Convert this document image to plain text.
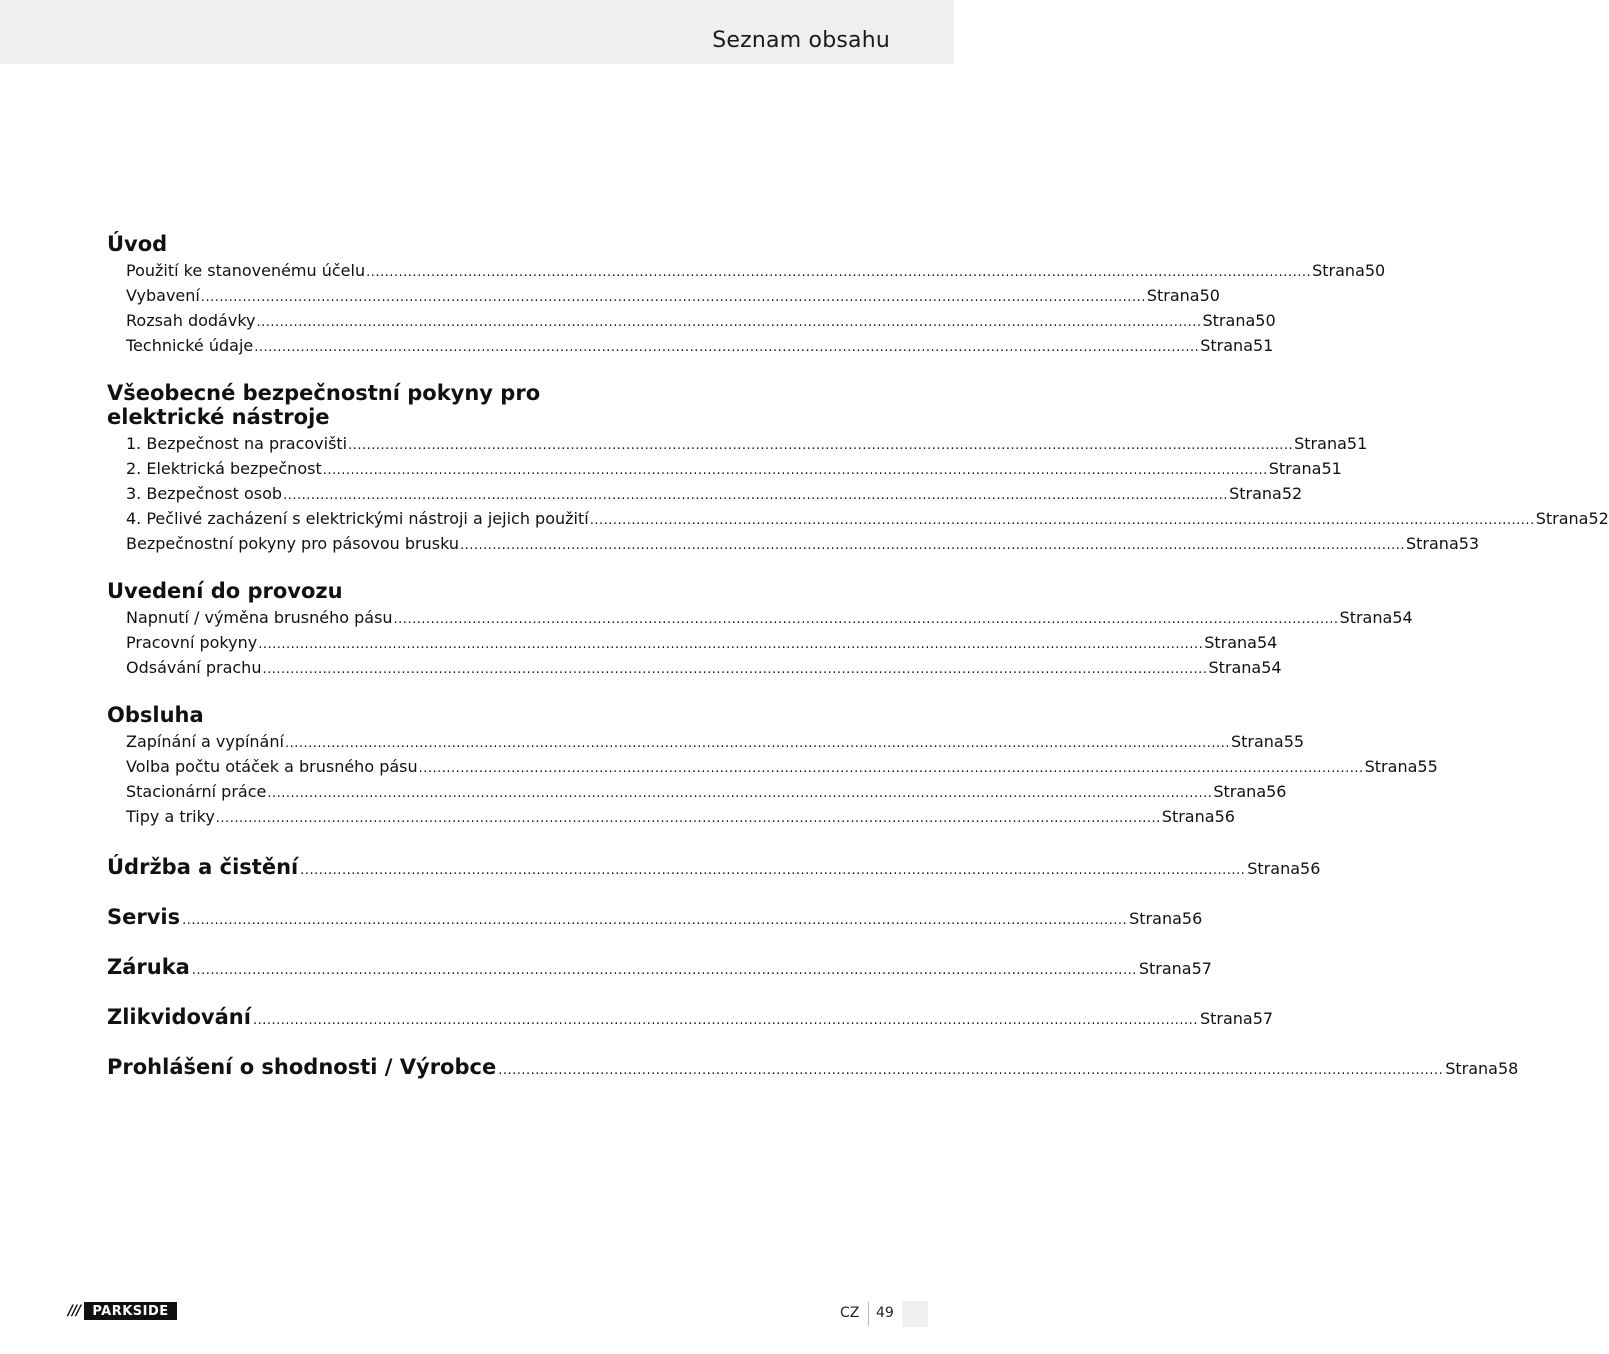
Seznam obsahu
Úvod
Použití ke stanovenému účelu ............................................................................................................................................................................................................ Strana 50
Vybavení ............................................................................................................................................................................................................ Strana 50
Rozsah dodávky ............................................................................................................................................................................................................ Strana 50
Technické údaje ............................................................................................................................................................................................................ Strana 51
Všeobecné bezpečnostní pokyny pro
elektrické nástroje
1. Bezpečnost na pracovišti ............................................................................................................................................................................................................ Strana 51
2. Elektrická bezpečnost ............................................................................................................................................................................................................ Strana 51
3. Bezpečnost osob ............................................................................................................................................................................................................ Strana 52
4. Pečlivé zacházení s elektrickými nástroji a jejich použití ............................................................................................................................................................................................................ Strana 52
Bezpečnostní pokyny pro pásovou brusku ............................................................................................................................................................................................................ Strana 53
Uvedení do provozu
Napnutí / výměna brusného pásu ............................................................................................................................................................................................................ Strana 54
Pracovní pokyny ............................................................................................................................................................................................................ Strana 54
Odsávání prachu ............................................................................................................................................................................................................ Strana 54
Obsluha
Zapínání a vypínání ............................................................................................................................................................................................................ Strana 55
Volba počtu otáček a brusného pásu ............................................................................................................................................................................................................ Strana 55
Stacionární práce ............................................................................................................................................................................................................ Strana 56
Tipy a triky ............................................................................................................................................................................................................ Strana 56
Údržba a čistění ............................................................................................................................................................................................................ Strana 56
Servis ............................................................................................................................................................................................................ Strana 56
Záruka ............................................................................................................................................................................................................ Strana 57
Zlikvidování ............................................................................................................................................................................................................ Strana 57
Prohlášení o shodnosti / Výrobce ............................................................................................................................................................................................................ Strana 58
/// PARKSIDE	CZ 49
